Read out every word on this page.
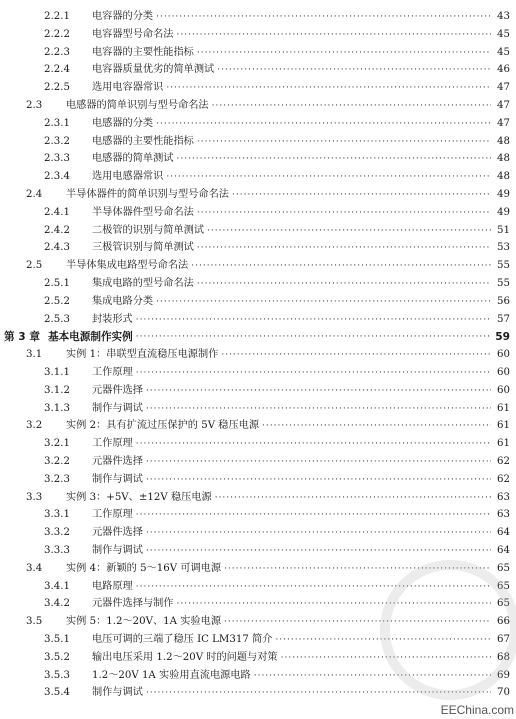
2.2.1	电容器的分类 ·····	43
2.2.2	电容器型号命名法 ·····	45
2.2.3	电容器的主要性能指标 ·····	45
2.2.4	电容器质量优劣的简单测试 ·····	46
2.2.5	选用电容器常识 ·····	47
2.3	电感器的简单识别与型号命名法 ·····	47
2.3.1	电感器的分类 ·····	47
2.3.2	电感器的主要性能指标 ·····	48
2.3.3	电感器的简单测试 ·····	48
2.3.4	选用电感器常识 ·····	48
2.4	半导体器件的简单识别与型号命名法 ·····	49
2.4.1	半导体器件型号命名法 ·····	49
2.4.2	二极管的识别与简单测试 ·····	51
2.4.3	三极管识别与简单测试 ·····	53
2.5	半导体集成电路型号命名法 ·····	55
2.5.1	集成电路的型号命名法 ·····	55
2.5.2	集成电路分类 ·····	56
2.5.3	封装形式 ·····	57
第 3 章 基本电源制作实例 ·····	59
3.1	实例 1：串联型直流稳压电源制作 ·····	60
3.1.1	工作原理 ·····	60
3.1.2	元器件选择 ·····	60
3.1.3	制作与调试 ·····	61
3.2	实例 2：具有扩流过压保护的 5V 稳压电源 ·····	61
3.2.1	工作原理 ·····	61
3.2.2	元器件选择 ·····	62
3.2.3	制作与调试 ·····	62
3.3	实例 3：+5V、±12V 稳压电源 ·····	63
3.3.1	工作原理 ·····	63
3.3.2	元器件选择 ·····	64
3.3.3	制作与调试 ·····	64
3.4	实例 4：新颖的 5～16V 可调电源 ·····	65
3.4.1	电路原理 ·····	65
3.4.2	元器件选择与制作 ·····	65
3.5	实例 5：1.2～20V、1A 实验电源 ·····	66
3.5.1	电压可调的三端了稳压 IC LM317 简介 ·····	67
3.5.2	输出电压采用 1.2～20V 时的问题与对策 ·····	68
3.5.3	1.2～20V 1A 实验用直流电源电路 ·····	69
3.5.4	制作与调试 ·····	70
EEChina.com
